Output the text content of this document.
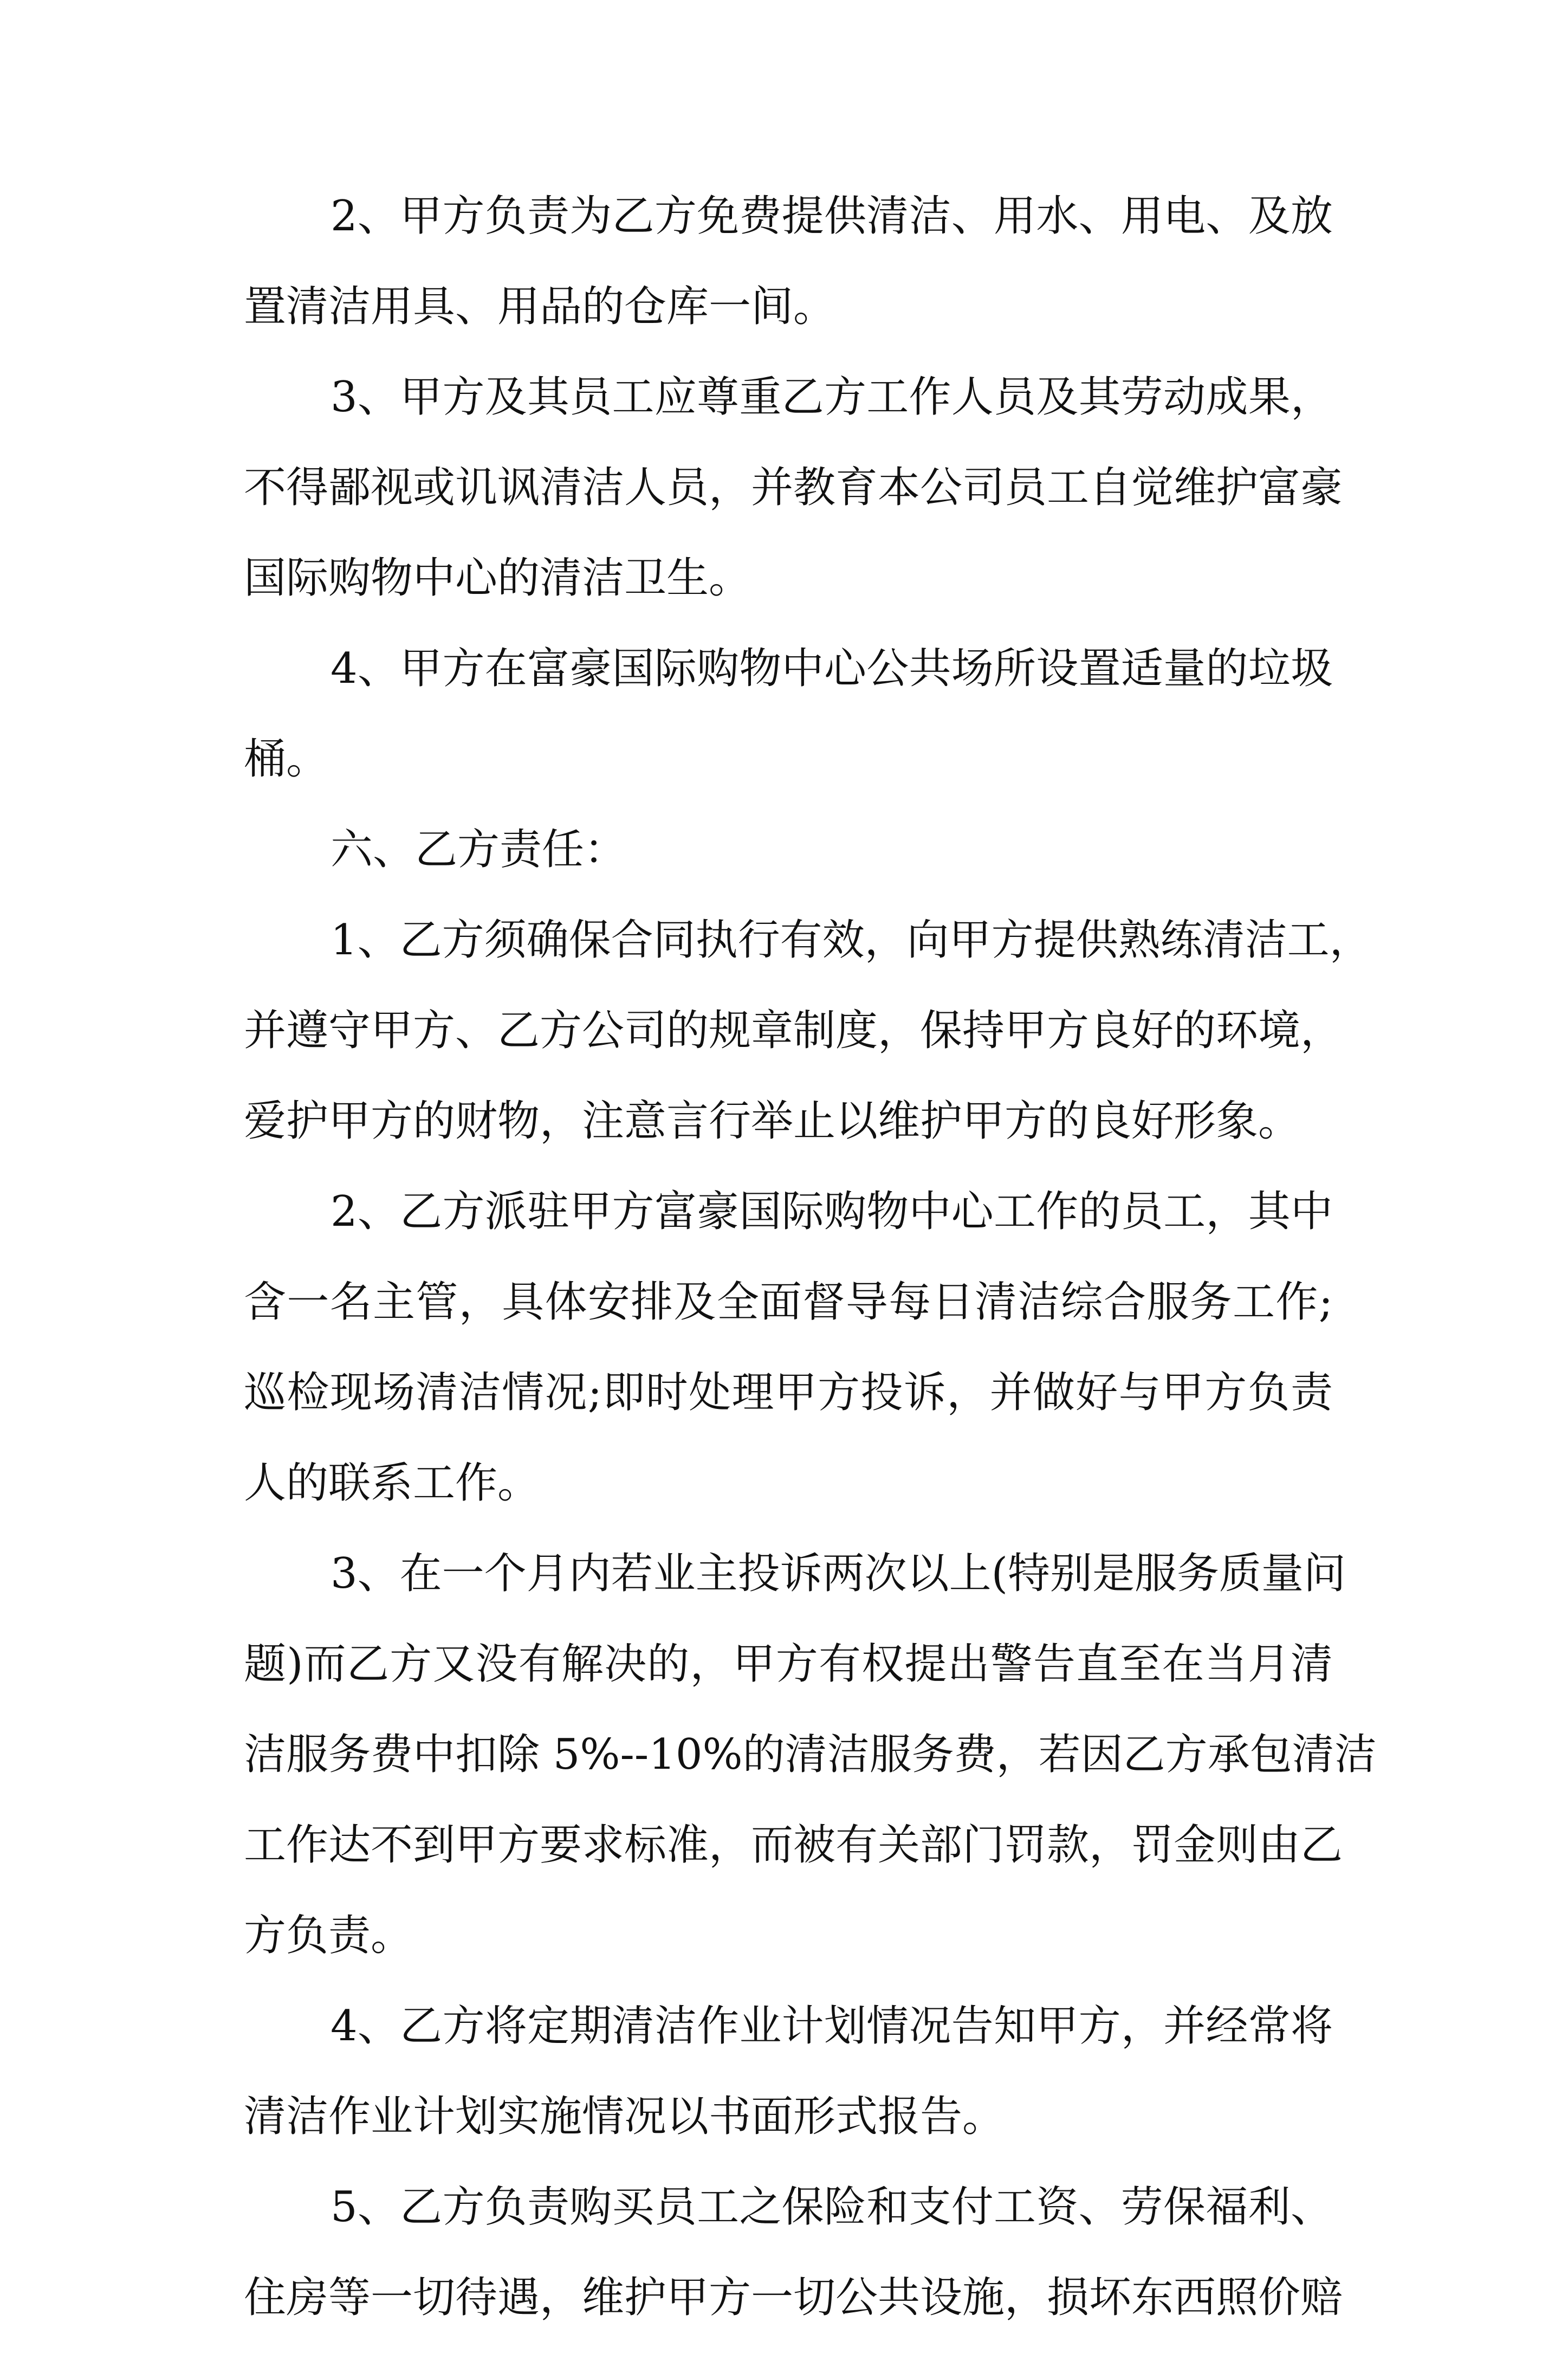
2、甲方负责为乙方免费提供清洁、用水、用电、及放
置清洁用具、用品的仓库一间。
3、甲方及其员工应尊重乙方工作人员及其劳动成果，
不得鄙视或讥讽清洁人员，并教育本公司员工自觉维护富豪
国际购物中心的清洁卫生。
4、甲方在富豪国际购物中心公共场所设置适量的垃圾
桶。
六、乙方责任：
1、乙方须确保合同执行有效，向甲方提供熟练清洁工，
并遵守甲方、乙方公司的规章制度，保持甲方良好的环境，
爱护甲方的财物，注意言行举止以维护甲方的良好形象。
2、乙方派驻甲方富豪国际购物中心工作的员工，其中
含一名主管，具体安排及全面督导每日清洁综合服务工作;
巡检现场清洁情况;即时处理甲方投诉，并做好与甲方负责
人的联系工作。
3、在一个月内若业主投诉两次以上(特别是服务质量问
题)而乙方又没有解决的，甲方有权提出警告直至在当月清
洁服务费中扣除 5%--10%的清洁服务费，若因乙方承包清洁
工作达不到甲方要求标准，而被有关部门罚款，罚金则由乙
方负责。
4、乙方将定期清洁作业计划情况告知甲方，并经常将
清洁作业计划实施情况以书面形式报告。
5、乙方负责购买员工之保险和支付工资、劳保福利、
住房等一切待遇，维护甲方一切公共设施，损坏东西照价赔
